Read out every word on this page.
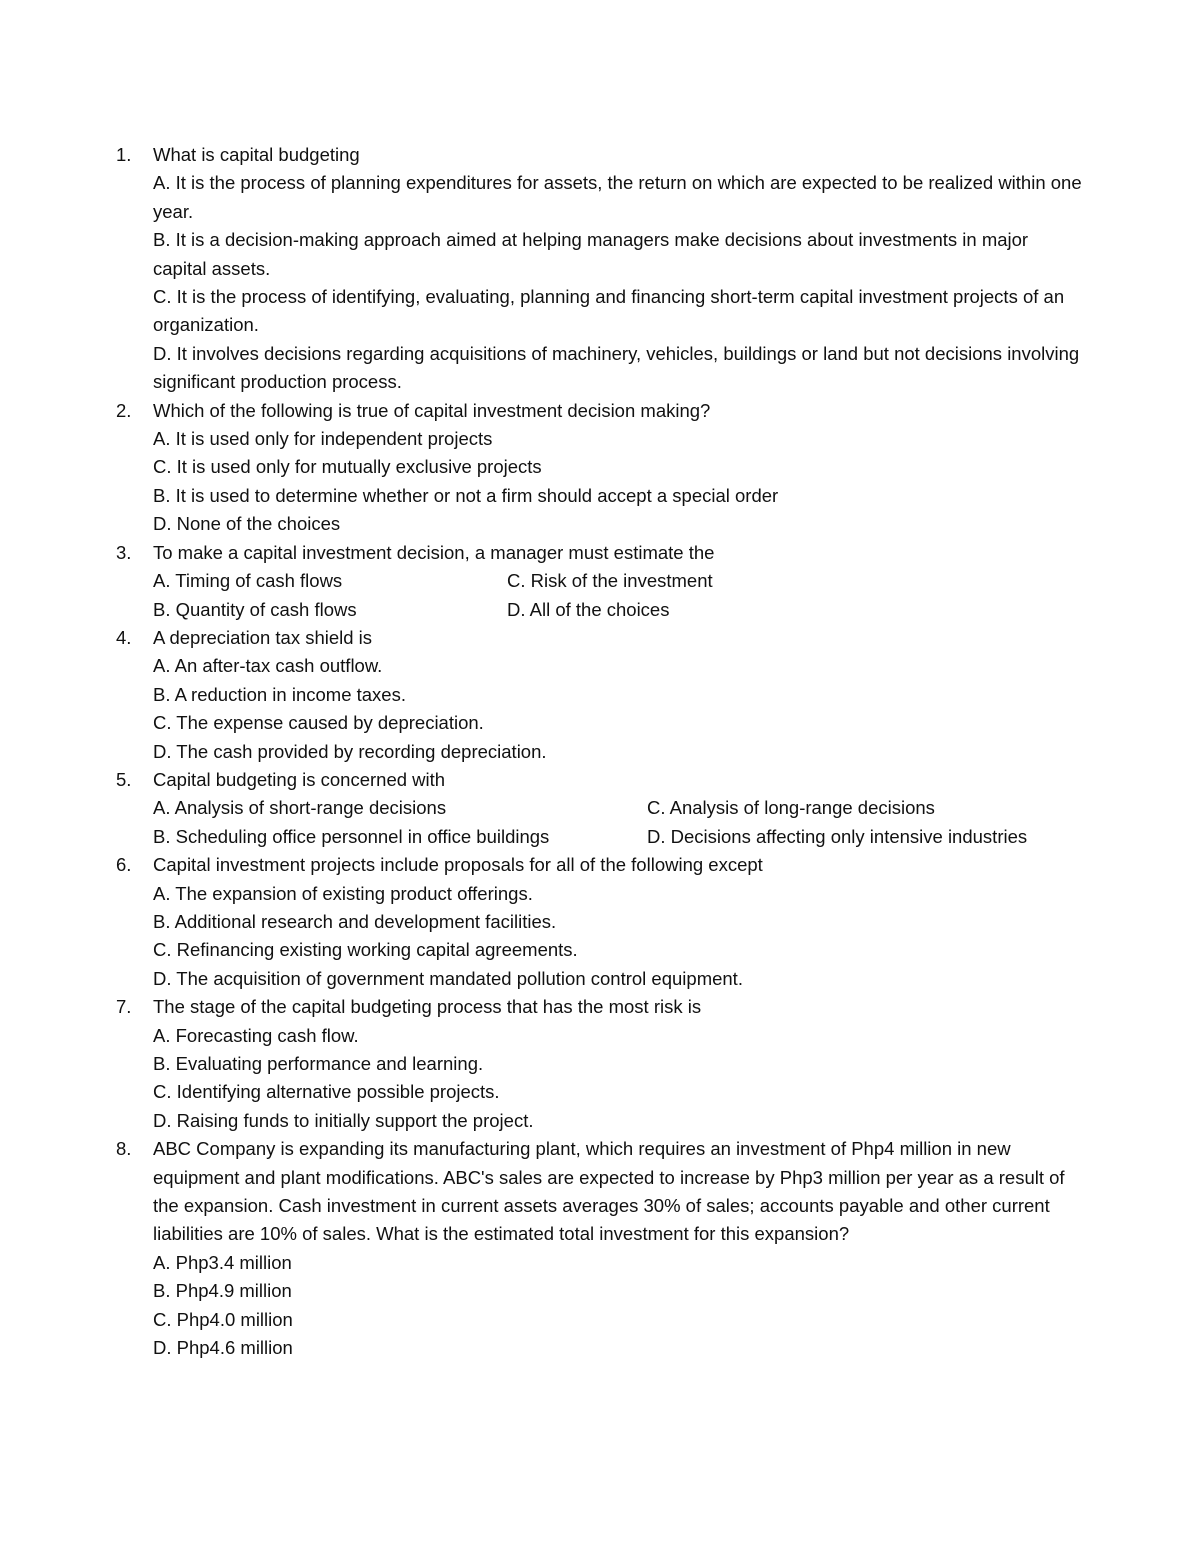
1.	What is capital budgeting
A. It is the process of planning expenditures for assets, the return on which are expected to be realized within one year.
B. It is a decision-making approach aimed at helping managers make decisions about investments in major capital assets.
C. It is the process of identifying, evaluating, planning and financing short-term capital investment projects of an organization.
D. It involves decisions regarding acquisitions of machinery, vehicles, buildings or land but not decisions involving significant production process.
2.	Which of the following is true of capital investment decision making?
A. It is used only for independent projects
C. It is used only for mutually exclusive projects
B. It is used to determine whether or not a firm should accept a special order
D. None of the choices
3.	To make a capital investment decision, a manager must estimate the
A. Timing of cash flows	C. Risk of the investment
B. Quantity of cash flows	D. All of the choices
4.	A depreciation tax shield is
A. An after-tax cash outflow.
B. A reduction in income taxes.
C. The expense caused by depreciation.
D. The cash provided by recording depreciation.
5.	Capital budgeting is concerned with
A. Analysis of short-range decisions	C. Analysis of long-range decisions
B. Scheduling office personnel in office buildings	D. Decisions affecting only intensive industries
6.	Capital investment projects include proposals for all of the following except
A. The expansion of existing product offerings.
B. Additional research and development facilities.
C. Refinancing existing working capital agreements.
D. The acquisition of government mandated pollution control equipment.
7.	The stage of the capital budgeting process that has the most risk is
A. Forecasting cash flow.
B. Evaluating performance and learning.
C. Identifying alternative possible projects.
D. Raising funds to initially support the project.
8.	ABC Company is expanding its manufacturing plant, which requires an investment of Php4 million in new equipment and plant modifications. ABC's sales are expected to increase by Php3 million per year as a result of the expansion. Cash investment in current assets averages 30% of sales; accounts payable and other current liabilities are 10% of sales. What is the estimated total investment for this expansion?
A. Php3.4 million
B. Php4.9 million
C. Php4.0 million
D. Php4.6 million
